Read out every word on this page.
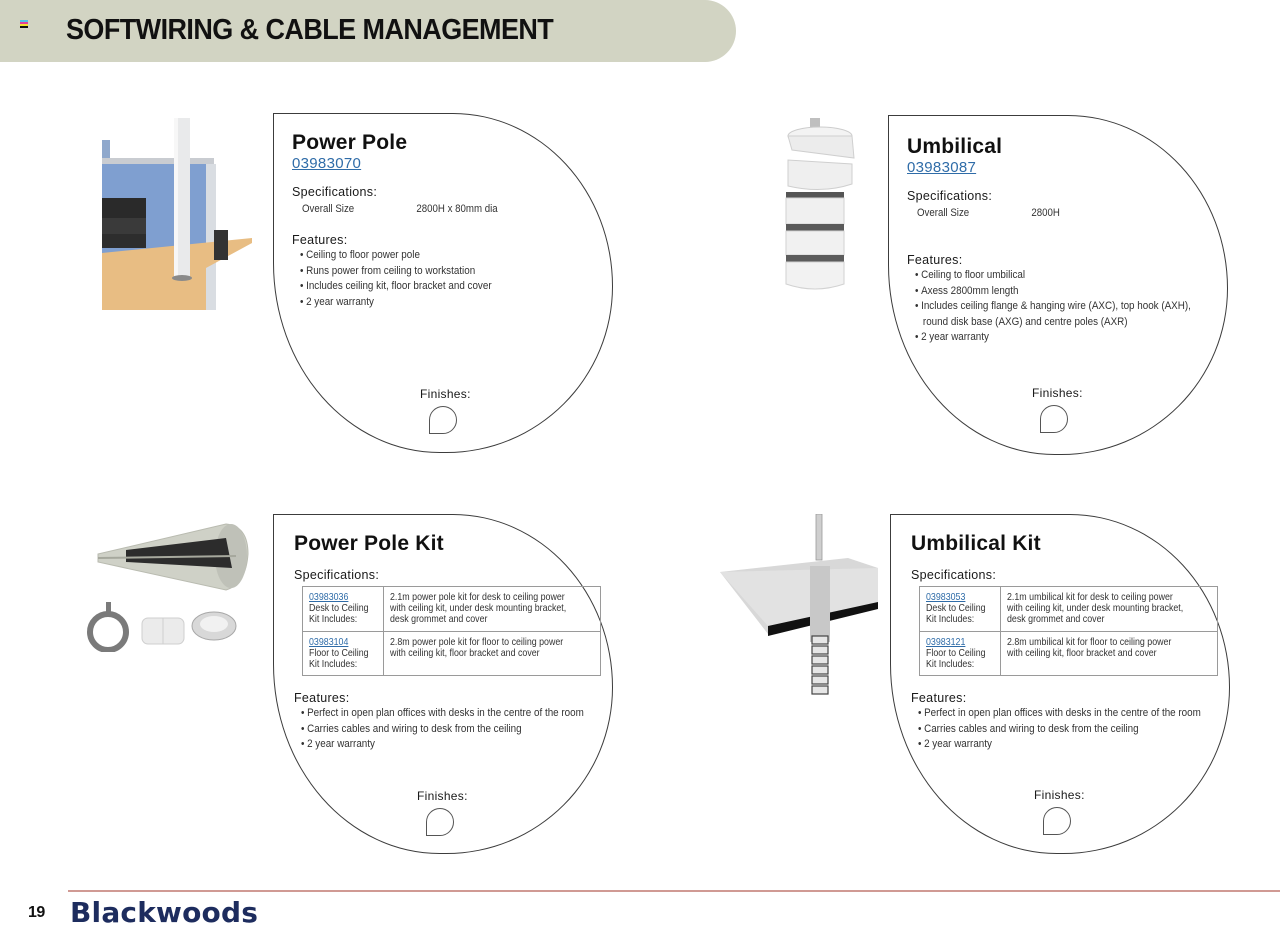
SOFTWIRING & CABLE MANAGEMENT
Power Pole
03983070
Specifications:
Overall Size	2800H x 80mm dia
Features:
• Ceiling to floor power pole
• Runs power from ceiling to workstation
• Includes ceiling kit, floor bracket and cover
• 2 year warranty
Finishes:
Umbilical
03983087
Specifications:
Overall Size	2800H
Features:
• Ceiling to floor umbilical
• Axess 2800mm length
• Includes ceiling flange & hanging wire (AXC), top hook (AXH),
round disk base (AXG) and centre poles (AXR)
• 2 year warranty
Finishes:
Power Pole Kit
Specifications:
03983036
Desk to Ceiling
Kit Includes:	2.1m power pole kit for desk to ceiling power
with ceiling kit, under desk mounting bracket,
desk grommet and cover

03983104
Floor to Ceiling
Kit Includes:	2.8m power pole kit for floor to ceiling power
with ceiling kit, floor bracket and cover
Features:
• Perfect in open plan offices with desks in the centre of the room
• Carries cables and wiring to desk from the ceiling
• 2 year warranty
Finishes:
Umbilical Kit
Specifications:
03983053
Desk to Ceiling
Kit Includes:	2.1m umbilical kit for desk to ceiling power
with ceiling kit, under desk mounting bracket,
desk grommet and cover

03983121
Floor to Ceiling
Kit Includes:	2.8m umbilical kit for floor to ceiling power
with ceiling kit, floor bracket and cover
Features:
• Perfect in open plan offices with desks in the centre of the room
• Carries cables and wiring to desk from the ceiling
• 2 year warranty
Finishes:
19 Blackwoods
